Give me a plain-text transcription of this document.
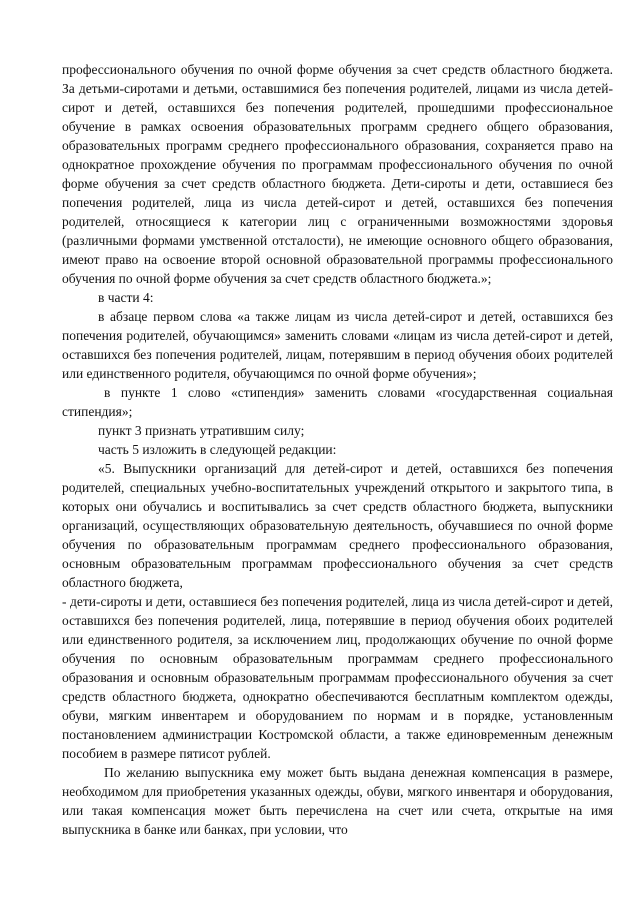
профессионального обучения по очной форме обучения за счет средств областного бюджета. За детьми-сиротами и детьми, оставшимися без попечения родителей, лицами из числа детей-сирот и детей, оставшихся без попечения родителей, прошедшими профессиональное обучение в рамках освоения образовательных программ среднего общего образования, образовательных программ среднего профессионального образования, сохраняется право на однократное прохождение обучения по программам профессионального обучения по очной форме обучения за счет средств областного бюджета. Дети-сироты и дети, оставшиеся без попечения родителей, лица из числа детей-сирот и детей, оставшихся без попечения родителей, относящиеся к категории лиц с ограниченными возможностями здоровья (различными формами умственной отсталости), не имеющие основного общего образования, имеют право на освоение второй основной образовательной программы профессионального обучения по очной форме обучения за счет средств областного бюджета.»;

в части 4:

в абзаце первом слова «а также лицам из числа детей-сирот и детей, оставшихся без попечения родителей, обучающимся» заменить словами «лицам из числа детей-сирот и детей, оставшихся без попечения родителей, лицам, потерявшим в период обучения обоих родителей или единственного родителя, обучающимся по очной форме обучения»;

в пункте 1 слово «стипендия» заменить словами «государственная социальная стипендия»;

пункт 3 признать утратившим силу;

часть 5 изложить в следующей редакции:

«5. Выпускники организаций для детей-сирот и детей, оставшихся без попечения родителей, специальных учебно-воспитательных учреждений открытого и закрытого типа, в которых они обучались и воспитывались за счет средств областного бюджета, выпускники организаций, осуществляющих образовательную деятельность, обучавшиеся по очной форме обучения по образовательным программам среднего профессионального образования, основным образовательным программам профессионального обучения за счет средств областного бюджета,

- дети-сироты и дети, оставшиеся без попечения родителей, лица из числа детей-сирот и детей, оставшихся без попечения родителей, лица, потерявшие в период обучения обоих родителей или единственного родителя, за исключением лиц, продолжающих обучение по очной форме обучения по основным образовательным программам среднего профессионального образования и основным образовательным программам профессионального обучения за счет средств областного бюджета, однократно обеспечиваются бесплатным комплектом одежды, обуви, мягким инвентарем и оборудованием по нормам и в порядке, установленным постановлением администрации Костромской области, а также единовременным денежным пособием в размере пятисот рублей.

По желанию выпускника ему может быть выдана денежная компенсация в размере, необходимом для приобретения указанных одежды, обуви, мягкого инвентаря и оборудования, или такая компенсация может быть перечислена на счет или счета, открытые на имя выпускника в банке или банках, при условии, что
